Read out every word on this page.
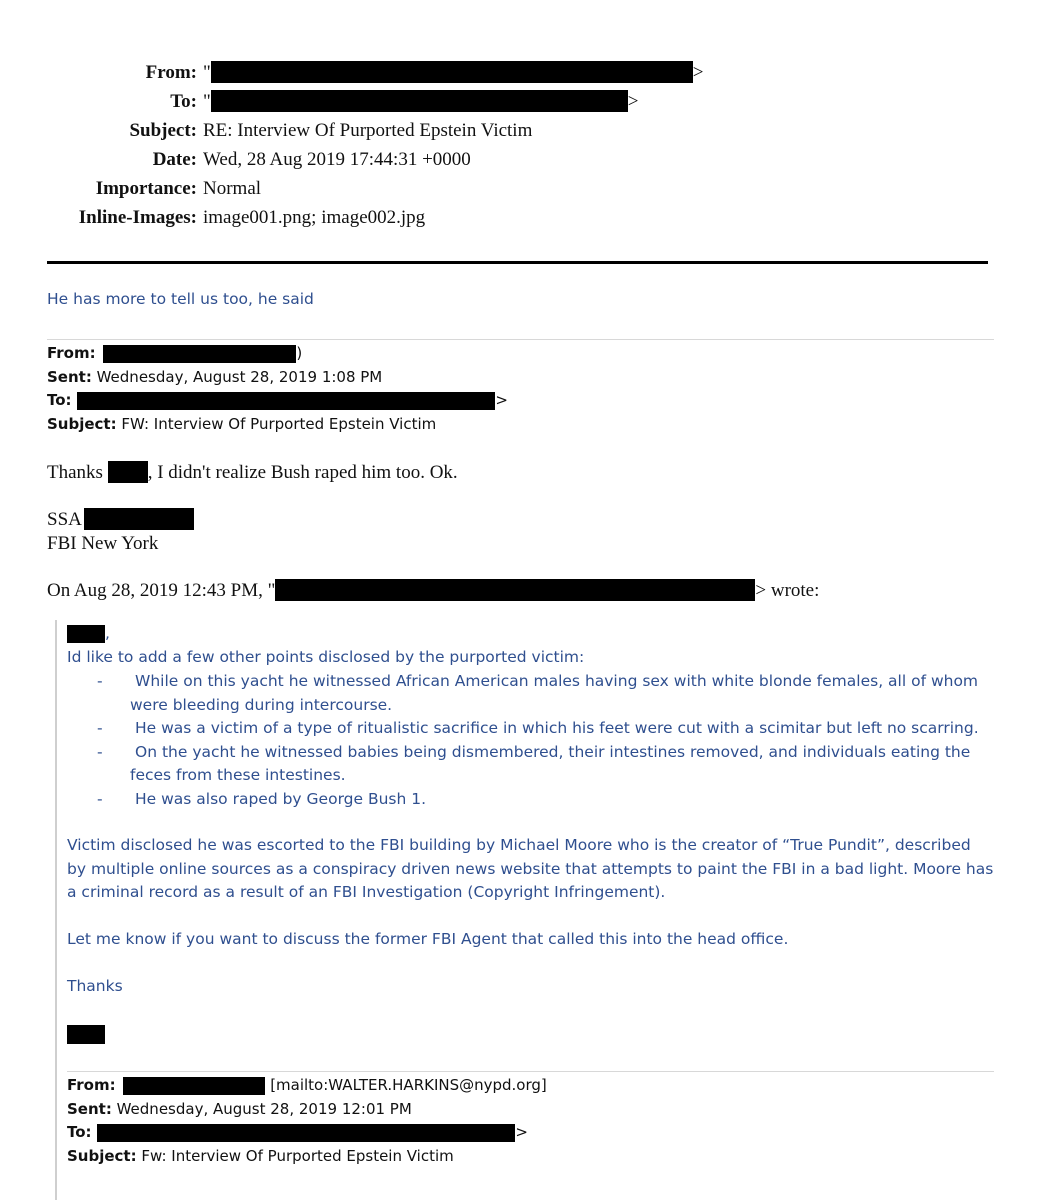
From: "	>
To: "	>
Subject: RE: Interview Of Purported Epstein Victim
Date: Wed, 28 Aug 2019 17:44:31 +0000
Importance: Normal
Inline-Images: image001.png; image002.jpg
He has more to tell us too, he said
From:	)
Sent: Wednesday, August 28, 2019 1:08 PM
To:	>
Subject: FW: Interview Of Purported Epstein Victim
Thanks , I didn't realize Bush raped him too. Ok.
SSA
FBI New York
On Aug 28, 2019 12:43 PM, "	> wrote:
,
Id like to add a few other points disclosed by the purported victim:
-	While on this yacht he witnessed African American males having sex with white blonde females, all of whom
were bleeding during intercourse.
-	He was a victim of a type of ritualistic sacrifice in which his feet were cut with a scimitar but left no scarring.
-	On the yacht he witnessed babies being dismembered, their intestines removed, and individuals eating the
feces from these intestines.
-	He was also raped by George Bush 1.
Victim disclosed he was escorted to the FBI building by Michael Moore who is the creator of “True Pundit”, described
by multiple online sources as a conspiracy driven news website that attempts to paint the FBI in a bad light. Moore has
a criminal record as a result of an FBI Investigation (Copyright Infringement).
Let me know if you want to discuss the former FBI Agent that called this into the head office.
Thanks
From:	[mailto:WALTER.HARKINS@nypd.org]
Sent: Wednesday, August 28, 2019 12:01 PM
To:	>
Subject: Fw: Interview Of Purported Epstein Victim
